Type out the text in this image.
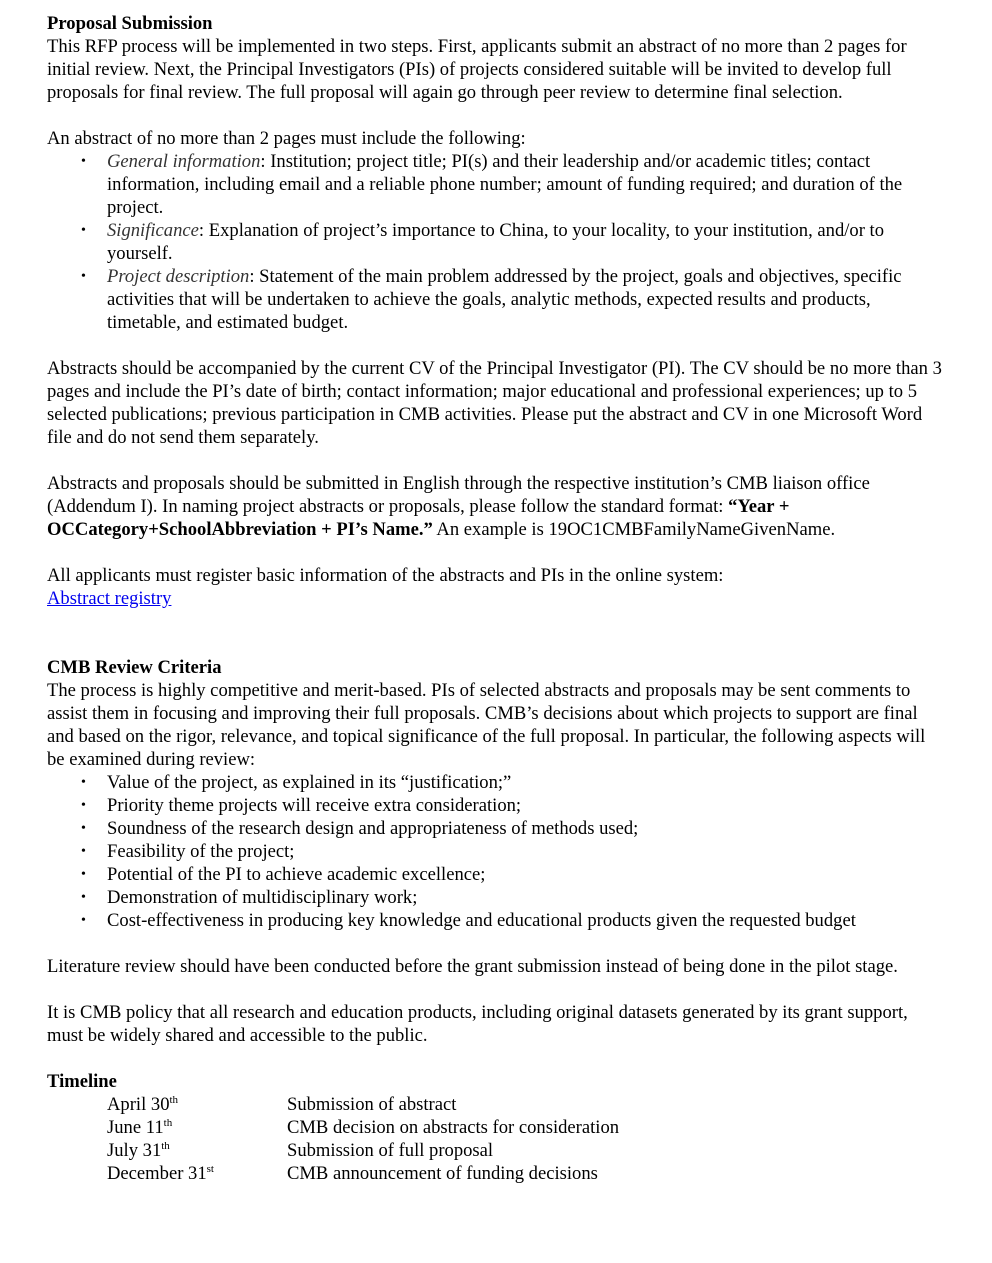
Proposal Submission

This RFP process will be implemented in two steps. First, applicants submit an abstract of no more than 2 pages for initial review. Next, the Principal Investigators (PIs) of projects considered suitable will be invited to develop full proposals for final review. The full proposal will again go through peer review to determine final selection.

An abstract of no more than 2 pages must include the following:

• General information: Institution; project title; PI(s) and their leadership and/or academic titles; contact information, including email and a reliable phone number; amount of funding required; and duration of the project.
• Significance: Explanation of project’s importance to China, to your locality, to your institution, and/or to yourself.
• Project description: Statement of the main problem addressed by the project, goals and objectives, specific activities that will be undertaken to achieve the goals, analytic methods, expected results and products, timetable, and estimated budget.

Abstracts should be accompanied by the current CV of the Principal Investigator (PI). The CV should be no more than 3 pages and include the PI’s date of birth; contact information; major educational and professional experiences; up to 5 selected publications; previous participation in CMB activities. Please put the abstract and CV in one Microsoft Word file and do not send them separately.

Abstracts and proposals should be submitted in English through the respective institution’s CMB liaison office (Addendum I). In naming project abstracts or proposals, please follow the standard format: “Year + OCCategory+SchoolAbbreviation + PI’s Name.” An example is 19OC1CMBFamilyNameGivenName.

All applicants must register basic information of the abstracts and PIs in the online system:

Abstract registry

CMB Review Criteria

The process is highly competitive and merit-based. PIs of selected abstracts and proposals may be sent comments to assist them in focusing and improving their full proposals. CMB’s decisions about which projects to support are final and based on the rigor, relevance, and topical significance of the full proposal. In particular, the following aspects will be examined during review:

• Value of the project, as explained in its “justification;”
• Priority theme projects will receive extra consideration;
• Soundness of the research design and appropriateness of methods used;
• Feasibility of the project;
• Potential of the PI to achieve academic excellence;
• Demonstration of multidisciplinary work;
• Cost-effectiveness in producing key knowledge and educational products given the requested budget

Literature review should have been conducted before the grant submission instead of being done in the pilot stage.

It is CMB policy that all research and education products, including original datasets generated by its grant support, must be widely shared and accessible to the public.

Timeline

April 30th	Submission of abstract
June 11th	CMB decision on abstracts for consideration
July 31th	Submission of full proposal
December 31st	CMB announcement of funding decisions
